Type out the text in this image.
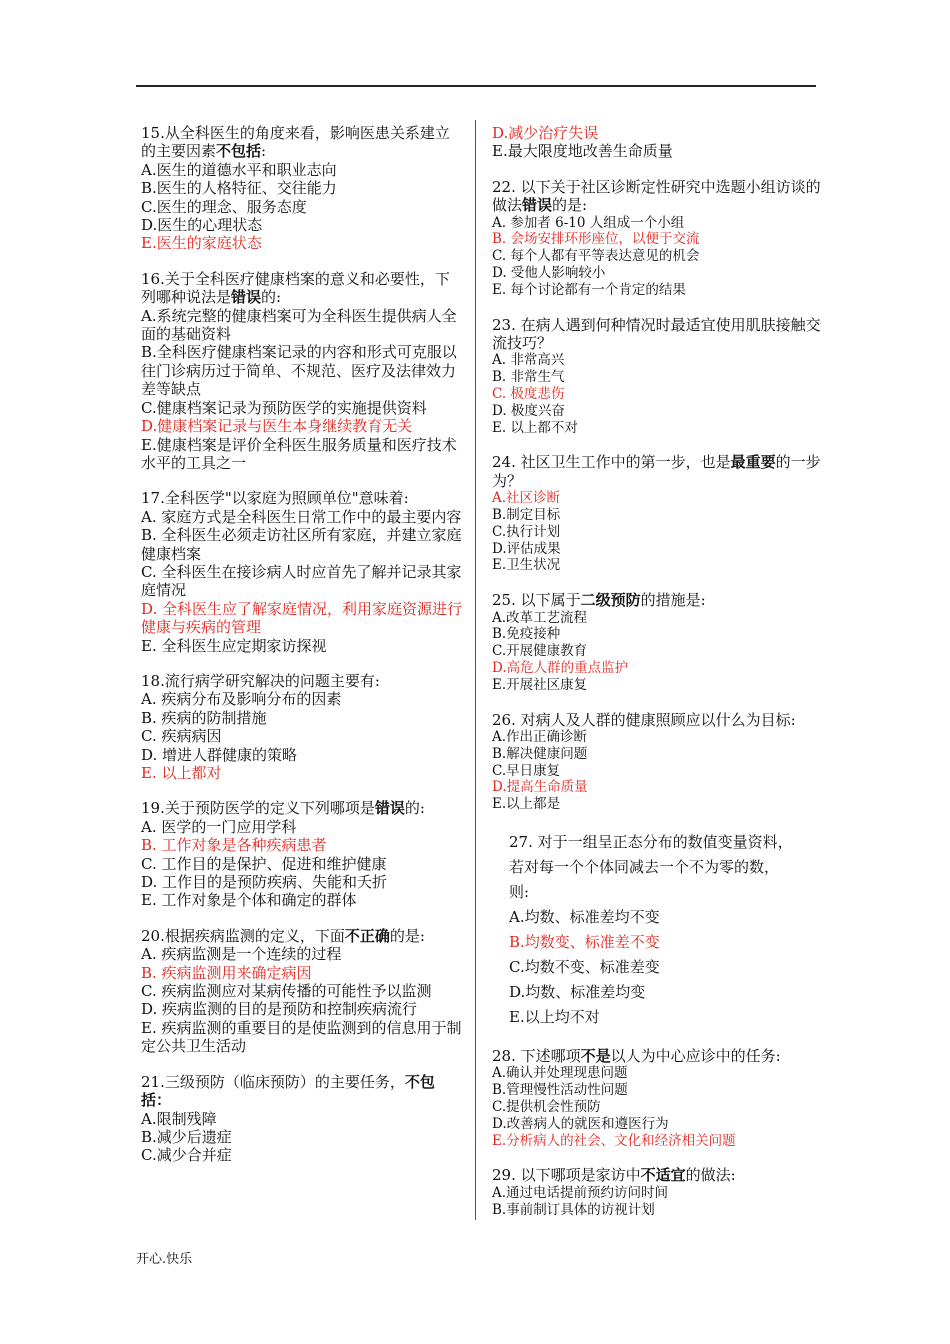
15.从全科医生的角度来看，影响医患关系建立的主要因素不包括:
A.医生的道德水平和职业志向
B.医生的人格特征、交往能力
C.医生的理念、服务态度
D.医生的心理状态
E.医生的家庭状态
16.关于全科医疗健康档案的意义和必要性，下列哪种说法是错误的:
A.系统完整的健康档案可为全科医生提供病人全面的基础资料
B.全科医疗健康档案记录的内容和形式可克服以往门诊病历过于简单、不规范、医疗及法律效力差等缺点
C.健康档案记录为预防医学的实施提供资料
D.健康档案记录与医生本身继续教育无关
E.健康档案是评价全科医生服务质量和医疗技术水平的工具之一
17.全科医学"以家庭为照顾单位"意味着:
A. 家庭方式是全科医生日常工作中的最主要内容
B. 全科医生必须走访社区所有家庭，并建立家庭健康档案
C. 全科医生在接诊病人时应首先了解并记录其家庭情况
D. 全科医生应了解家庭情况，利用家庭资源进行健康与疾病的管理
E. 全科医生应定期家访探视
18.流行病学研究解决的问题主要有:
A. 疾病分布及影响分布的因素
B. 疾病的防制措施
C. 疾病病因
D. 增进人群健康的策略
E. 以上都对
19.关于预防医学的定义下列哪项是错误的:
A. 医学的一门应用学科
B. 工作对象是各种疾病患者
C. 工作目的是保护、促进和维护健康
D. 工作目的是预防疾病、失能和夭折
E. 工作对象是个体和确定的群体
20.根据疾病监测的定义，下面不正确的是:
A. 疾病监测是一个连续的过程
B. 疾病监测用来确定病因
C. 疾病监测应对某病传播的可能性予以监测
D. 疾病监测的目的是预防和控制疾病流行
E. 疾病监测的重要目的是使监测到的信息用于制定公共卫生活动
21.三级预防（临床预防）的主要任务，不包括：
A.限制残障
B.减少后遗症
C.减少合并症
D.减少治疗失误
E.最大限度地改善生命质量
22. 以下关于社区诊断定性研究中选题小组访谈的做法错误的是:
A. 参加者 6-10 人组成一个小组
B. 会场安排环形座位，以便于交流
C. 每个人都有平等表达意见的机会
D. 受他人影响较小
E. 每个讨论都有一个肯定的结果
23. 在病人遇到何种情况时最适宜使用肌肤接触交流技巧？
A. 非常高兴
B. 非常生气
C. 极度悲伤
D. 极度兴奋
E. 以上都不对
24. 社区卫生工作中的第一步，也是最重要的一步为？
A.社区诊断
B.制定目标
C.执行计划
D.评估成果
E.卫生状况
25. 以下属于二级预防的措施是:
A.改革工艺流程
B.免疫接种
C.开展健康教育
D.高危人群的重点监护
E.开展社区康复
26. 对病人及人群的健康照顾应以什么为目标:
A.作出正确诊断
B.解决健康问题
C.早日康复
D.提高生命质量
E.以上都是
27. 对于一组呈正态分布的数值变量资料，
若对每一个个体同减去一个不为零的数，
则:
A.均数、标准差均不变
B.均数变、标准差不变
C.均数不变、标准差变
D.均数、标准差均变
E.以上均不对
28. 下述哪项不是以人为中心应诊中的任务:
A.确认并处理现患问题
B.管理慢性活动性问题
C.提供机会性预防
D.改善病人的就医和遵医行为
E.分析病人的社会、文化和经济相关问题
29. 以下哪项是家访中不适宜的做法:
A.通过电话提前预约访问时间
B.事前制订具体的访视计划
开心.快乐
